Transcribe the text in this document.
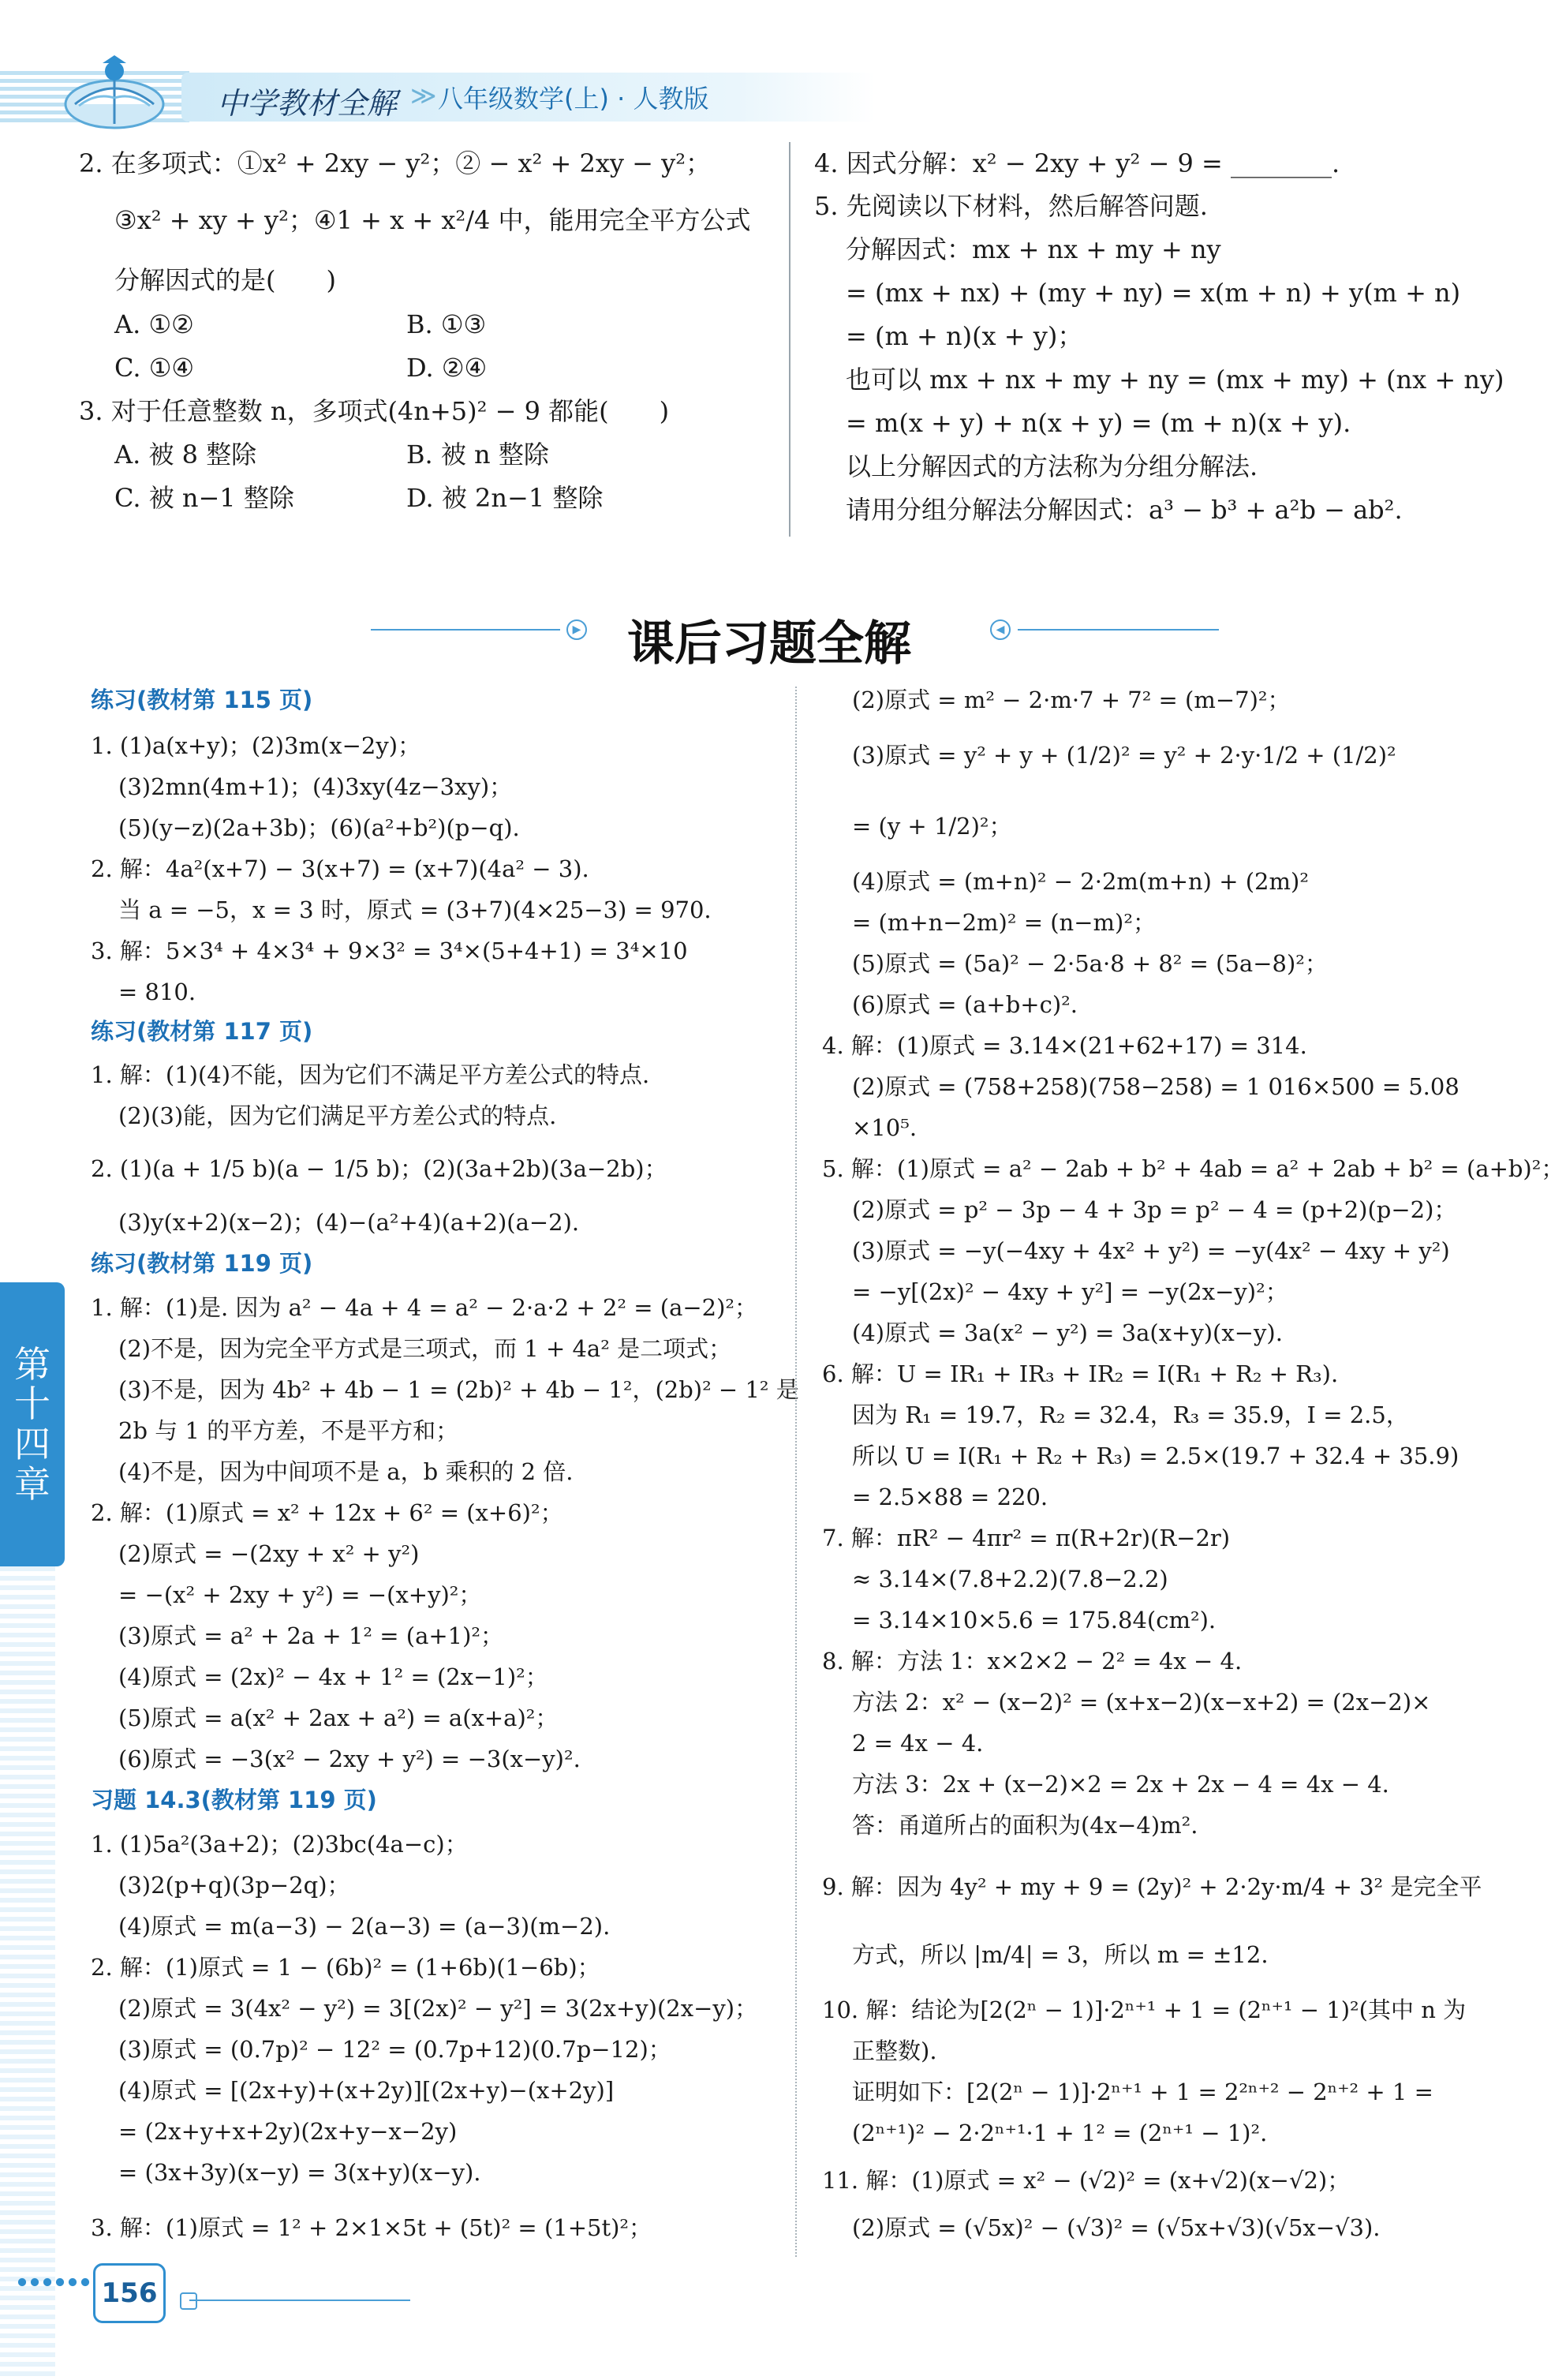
中学教材全解 ≫ 八年级数学(上) · 人教版
2. 在多项式：①x² + 2xy − y²；② − x² + 2xy − y²；
③x² + xy + y²；④1 + x + x²/4 中，能用完全平方公式
分解因式的是(　　)
A. ①②	B. ①③
C. ①④	D. ②④
3. 对于任意整数 n，多项式(4n+5)² − 9 都能(　　)
A. 被 8 整除	B. 被 n 整除
C. 被 n−1 整除	D. 被 2n−1 整除
4. 因式分解：x² − 2xy + y² − 9 = ________.
5. 先阅读以下材料，然后解答问题.
分解因式：mx + nx + my + ny
= (mx + nx) + (my + ny) = x(m + n) + y(m + n)
= (m + n)(x + y)；
也可以 mx + nx + my + ny = (mx + my) + (nx + ny)
= m(x + y) + n(x + y) = (m + n)(x + y).
以上分解因式的方法称为分组分解法.
请用分组分解法分解因式：a³ − b³ + a²b − ab².
▶ 课后习题全解	◀
练习(教材第 115 页)
1. (1)a(x+y)；(2)3m(x−2y)；
(3)2mn(4m+1)；(4)3xy(4z−3xy)；
(5)(y−z)(2a+3b)；(6)(a²+b²)(p−q).
2. 解：4a²(x+7) − 3(x+7) = (x+7)(4a² − 3).
当 a = −5，x = 3 时，原式 = (3+7)(4×25−3) = 970.
3. 解：5×3⁴ + 4×3⁴ + 9×3² = 3⁴×(5+4+1) = 3⁴×10
= 810.
练习(教材第 117 页)
1. 解：(1)(4)不能，因为它们不满足平方差公式的特点.
(2)(3)能，因为它们满足平方差公式的特点.
2. (1)(a + 1/5 b)(a − 1/5 b)；(2)(3a+2b)(3a−2b)；
(3)y(x+2)(x−2)；(4)−(a²+4)(a+2)(a−2).
练习(教材第 119 页)
1. 解：(1)是. 因为 a² − 4a + 4 = a² − 2·a·2 + 2² = (a−2)²；
(2)不是，因为完全平方式是三项式，而 1 + 4a² 是二项式；
(3)不是，因为 4b² + 4b − 1 = (2b)² + 4b − 1²，(2b)² − 1² 是
2b 与 1 的平方差，不是平方和；
(4)不是，因为中间项不是 a，b 乘积的 2 倍.
2. 解：(1)原式 = x² + 12x + 6² = (x+6)²；
(2)原式 = −(2xy + x² + y²)
= −(x² + 2xy + y²) = −(x+y)²；
(3)原式 = a² + 2a + 1² = (a+1)²；
(4)原式 = (2x)² − 4x + 1² = (2x−1)²；
(5)原式 = a(x² + 2ax + a²) = a(x+a)²；
(6)原式 = −3(x² − 2xy + y²) = −3(x−y)².
习题 14.3(教材第 119 页)
1. (1)5a²(3a+2)；(2)3bc(4a−c)；
(3)2(p+q)(3p−2q)；
(4)原式 = m(a−3) − 2(a−3) = (a−3)(m−2).
2. 解：(1)原式 = 1 − (6b)² = (1+6b)(1−6b)；
(2)原式 = 3(4x² − y²) = 3[(2x)² − y²] = 3(2x+y)(2x−y)；
(3)原式 = (0.7p)² − 12² = (0.7p+12)(0.7p−12)；
(4)原式 = [(2x+y)+(x+2y)][(2x+y)−(x+2y)]
= (2x+y+x+2y)(2x+y−x−2y)
= (3x+3y)(x−y) = 3(x+y)(x−y).
3. 解：(1)原式 = 1² + 2×1×5t + (5t)² = (1+5t)²；
(2)原式 = m² − 2·m·7 + 7² = (m−7)²；
(3)原式 = y² + y + (1/2)² = y² + 2·y·1/2 + (1/2)²
= (y + 1/2)²；
(4)原式 = (m+n)² − 2·2m(m+n) + (2m)²
= (m+n−2m)² = (n−m)²；
(5)原式 = (5a)² − 2·5a·8 + 8² = (5a−8)²；
(6)原式 = (a+b+c)².
4. 解：(1)原式 = 3.14×(21+62+17) = 314.
(2)原式 = (758+258)(758−258) = 1 016×500 = 5.08
×10⁵.
5. 解：(1)原式 = a² − 2ab + b² + 4ab = a² + 2ab + b² = (a+b)²；
(2)原式 = p² − 3p − 4 + 3p = p² − 4 = (p+2)(p−2)；
(3)原式 = −y(−4xy + 4x² + y²) = −y(4x² − 4xy + y²)
= −y[(2x)² − 4xy + y²] = −y(2x−y)²；
(4)原式 = 3a(x² − y²) = 3a(x+y)(x−y).
6. 解：U = IR₁ + IR₃ + IR₂ = I(R₁ + R₂ + R₃).
因为 R₁ = 19.7，R₂ = 32.4，R₃ = 35.9，I = 2.5，
所以 U = I(R₁ + R₂ + R₃) = 2.5×(19.7 + 32.4 + 35.9)
= 2.5×88 = 220.
7. 解：πR² − 4πr² = π(R+2r)(R−2r)
≈ 3.14×(7.8+2.2)(7.8−2.2)
= 3.14×10×5.6 = 175.84(cm²).
8. 解：方法 1：x×2×2 − 2² = 4x − 4.
方法 2：x² − (x−2)² = (x+x−2)(x−x+2) = (2x−2)×
2 = 4x − 4.
方法 3：2x + (x−2)×2 = 2x + 2x − 4 = 4x − 4.
答：甬道所占的面积为(4x−4)m².
9. 解：因为 4y² + my + 9 = (2y)² + 2·2y·m/4 + 3² 是完全平
方式，所以 |m/4| = 3，所以 m = ±12.
10. 解：结论为[2(2ⁿ − 1)]·2ⁿ⁺¹ + 1 = (2ⁿ⁺¹ − 1)²(其中 n 为
正整数).
证明如下：[2(2ⁿ − 1)]·2ⁿ⁺¹ + 1 = 2²ⁿ⁺² − 2ⁿ⁺² + 1 =
(2ⁿ⁺¹)² − 2·2ⁿ⁺¹·1 + 1² = (2ⁿ⁺¹ − 1)².
11. 解：(1)原式 = x² − (√2)² = (x+√2)(x−√2)；
(2)原式 = (√5x)² − (√3)² = (√5x+√3)(√5x−√3).
第
十
四
章
156
